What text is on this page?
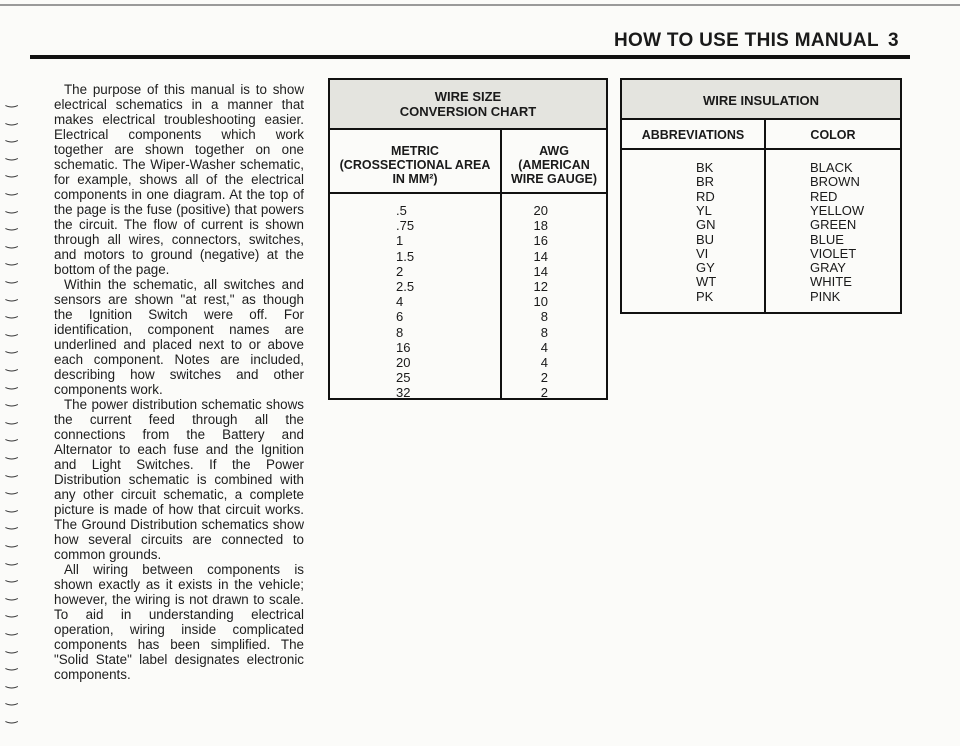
HOW TO USE THIS MANUAL 3
‿
‿
‿
‿
‿
‿
‿
‿
‿
‿
‿
‿
‿
‿
‿
‿
‿
‿
‿
‿
‿
‿
‿
‿
‿
‿
‿
‿
‿
‿
‿
‿
‿
‿
‿
‿

The purpose of this manual is to show electrical schematics in a manner that makes electrical troubleshooting easier. Electrical components which work together are shown together on one schematic. The Wiper-Washer schematic, for example, shows all of the electrical components in one diagram. At the top of the page is the fuse (positive) that powers the circuit. The flow of current is shown through all wires, connectors, switches, and motors to ground (negative) at the bottom of the page.

Within the schematic, all switches and sensors are shown "at rest," as though the Ignition Switch were off. For identification, component names are underlined and placed next to or above each component. Notes are included, describing how switches and other components work.

The power distribution schematic shows the current feed through all the connections from the Battery and Alternator to each fuse and the Ignition and Light Switches. If the Power Distribution schematic is combined with any other circuit schematic, a complete picture is made of how that circuit works. The Ground Distribution schematics show how several circuits are connected to common grounds.

All wiring between components is shown exactly as it exists in the vehicle; however, the wiring is not drawn to scale. To aid in understanding electrical operation, wiring inside complicated components has been simplified. The "Solid State" label designates electronic components.

WIRE SIZE
CONVERSION CHART
METRIC
(CROSSECTIONAL AREA
IN MM²)
AWG
(AMERICAN
WIRE GAUGE)
.5	20
.75	18
1	16
1.5	14
2	14
2.5	12
4	10
6	8
8	8
16	4
20	4
25	2
32	2
WIRE INSULATION
ABBREVIATIONS	COLOR
BK	BLACK
BR	BROWN
RD	RED
YL	YELLOW
GN	GREEN
BU	BLUE
VI	VIOLET
GY	GRAY
WT	WHITE
PK	PINK
